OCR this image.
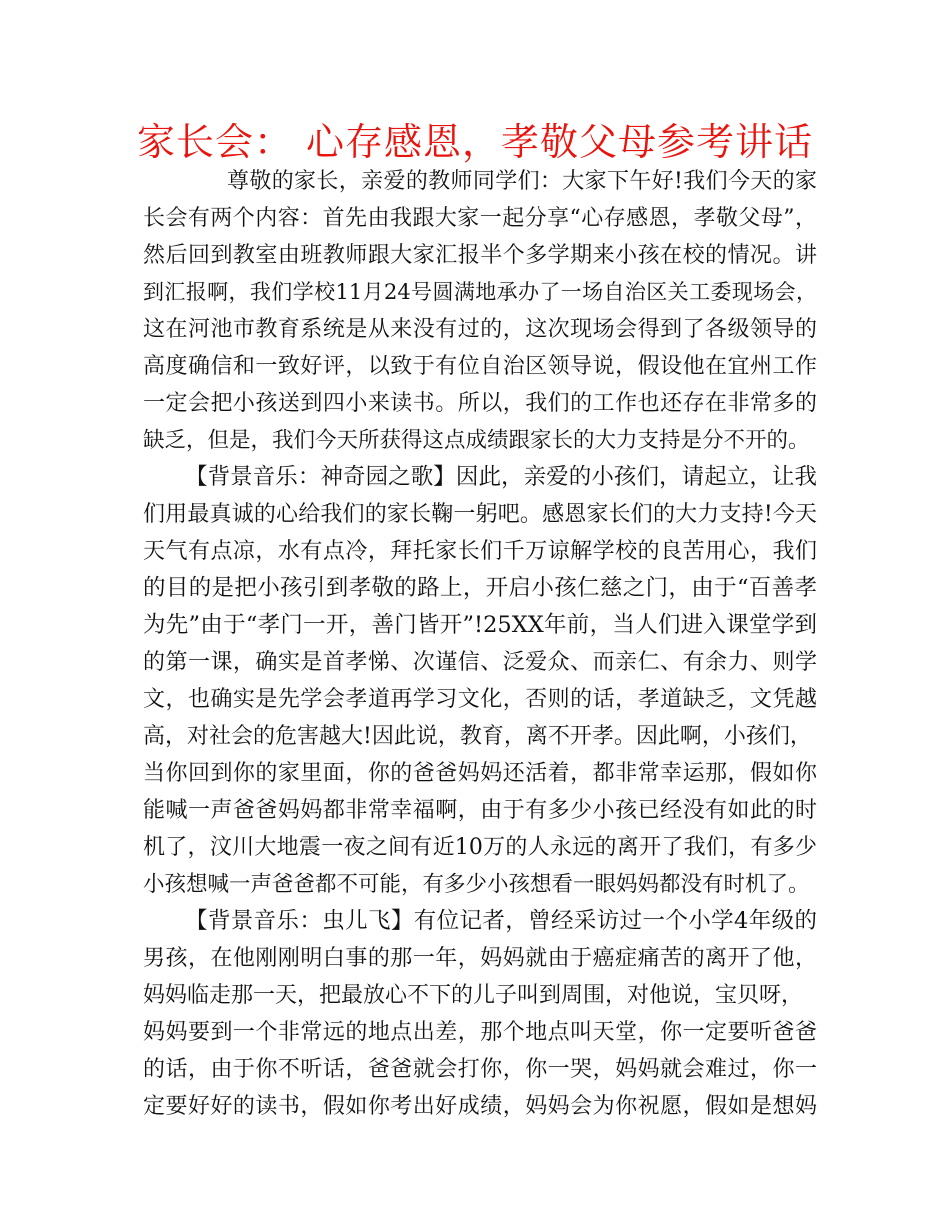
家长会： 心存感恩，孝敬父母参考讲话
尊敬的家长，亲爱的教师同学们：大家下午好!我们今天的家
长会有两个内容：首先由我跟大家一起分享“心存感恩，孝敬父母”，
然后回到教室由班教师跟大家汇报半个多学期来小孩在校的情况。讲
到汇报啊，我们学校11月24号圆满地承办了一场自治区关工委现场会，
这在河池市教育系统是从来没有过的，这次现场会得到了各级领导的
高度确信和一致好评，以致于有位自治区领导说，假设他在宜州工作
一定会把小孩送到四小来读书。所以，我们的工作也还存在非常多的
缺乏，但是，我们今天所获得这点成绩跟家长的大力支持是分不开的。
【背景音乐：神奇园之歌】因此，亲爱的小孩们，请起立，让我
们用最真诚的心给我们的家长鞠一躬吧。感恩家长们的大力支持!今天
天气有点凉，水有点冷，拜托家长们千万谅解学校的良苦用心，我们
的目的是把小孩引到孝敬的路上，开启小孩仁慈之门，由于“百善孝
为先”由于“孝门一开，善门皆开”!25XX年前，当人们进入课堂学到
的第一课，确实是首孝悌、次谨信、泛爱众、而亲仁、有余力、则学
文，也确实是先学会孝道再学习文化，否则的话，孝道缺乏，文凭越
高，对社会的危害越大!因此说，教育，离不开孝。因此啊，小孩们，
当你回到你的家里面，你的爸爸妈妈还活着，都非常幸运那，假如你
能喊一声爸爸妈妈都非常幸福啊，由于有多少小孩已经没有如此的时
机了，汶川大地震一夜之间有近10万的人永远的离开了我们，有多少
小孩想喊一声爸爸都不可能，有多少小孩想看一眼妈妈都没有时机了。
【背景音乐：虫儿飞】有位记者，曾经采访过一个小学4年级的
男孩，在他刚刚明白事的那一年，妈妈就由于癌症痛苦的离开了他，
妈妈临走那一天，把最放心不下的儿子叫到周围，对他说，宝贝呀，
妈妈要到一个非常远的地点出差，那个地点叫天堂，你一定要听爸爸
的话，由于你不听话，爸爸就会打你，你一哭，妈妈就会难过，你一
定要好好的读书，假如你考出好成绩，妈妈会为你祝愿，假如是想妈
